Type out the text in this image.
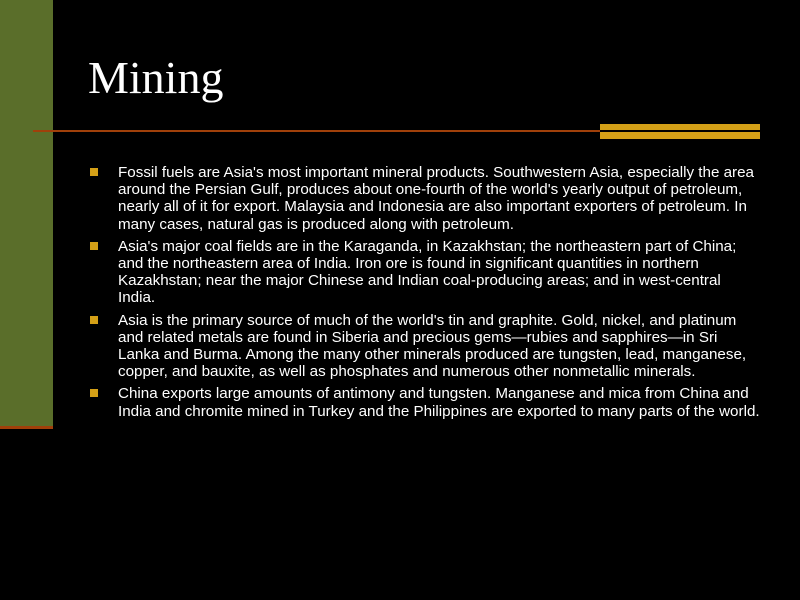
Mining
Fossil fuels are Asia's most important mineral products. Southwestern Asia, especially the area around the Persian Gulf, produces about one-fourth of the world's yearly output of petroleum, nearly all of it for export. Malaysia and Indonesia are also important exporters of petroleum. In many cases, natural gas is produced along with petroleum.
Asia's major coal fields are in the Karaganda, in Kazakhstan; the northeastern part of China; and the northeastern area of India. Iron ore is found in significant quantities in northern Kazakhstan; near the major Chinese and Indian coal-producing areas; and in west-central India.
Asia is the primary source of much of the world's tin and graphite. Gold, nickel, and platinum and related metals are found in Siberia and precious gems—rubies and sapphires—in Sri Lanka and Burma. Among the many other minerals produced are tungsten, lead, manganese, copper, and bauxite, as well as phosphates and numerous other nonmetallic minerals.
China exports large amounts of antimony and tungsten. Manganese and mica from China and India and chromite mined in Turkey and the Philippines are exported to many parts of the world.
